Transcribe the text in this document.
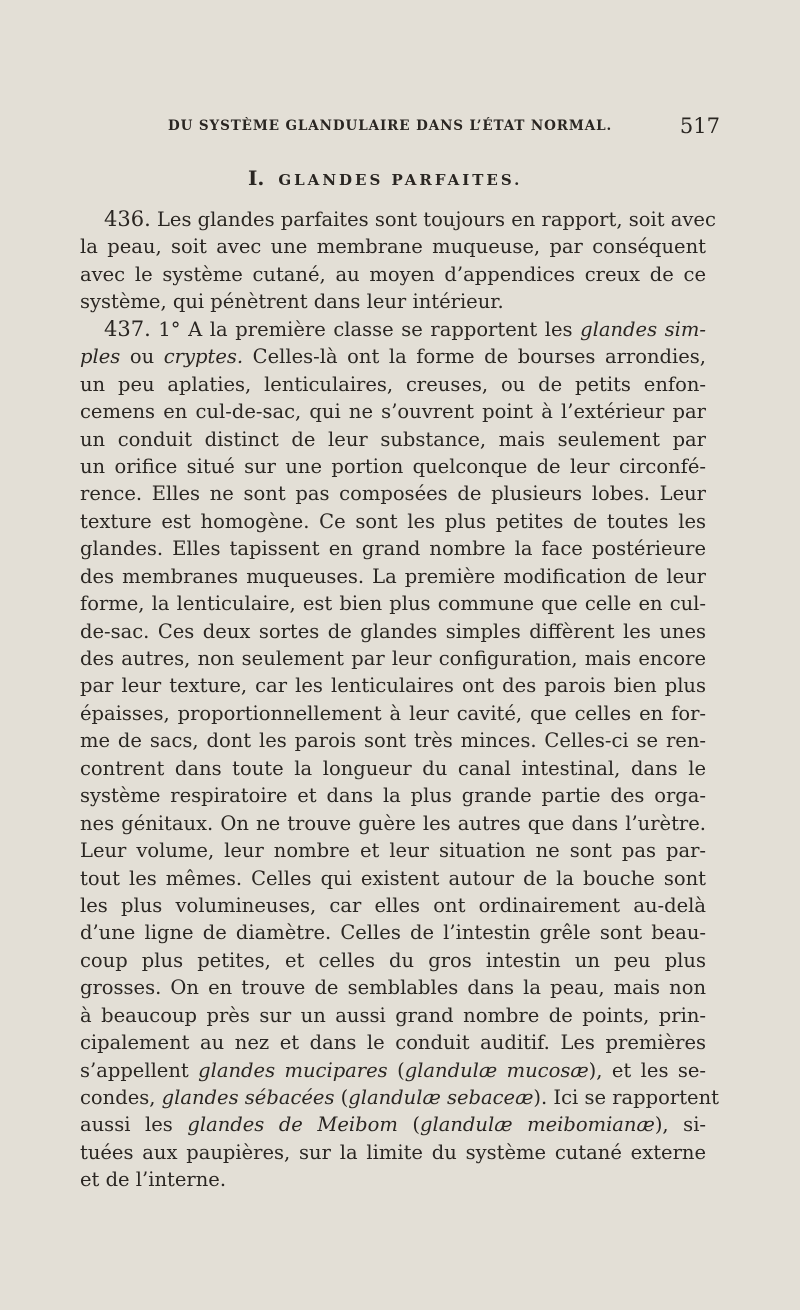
DU SYSTÈME GLANDULAIRE DANS L’ÉTAT NORMAL.	517
I. GLANDES PARFAITES.
436. Les glandes parfaites sont toujours en rapport, soit avec
la peau, soit avec une membrane muqueuse, par conséquent
avec le système cutané, au moyen d’appendices creux de ce
système, qui pénètrent dans leur intérieur.
437. 1° A la première classe se rapportent les glandes sim-
ples ou cryptes. Celles-là ont la forme de bourses arrondies,
un peu aplaties, lenticulaires, creuses, ou de petits enfon-
cemens en cul-de-sac, qui ne s’ouvrent point à l’extérieur par
un conduit distinct de leur substance, mais seulement par
un orifice situé sur une portion quelconque de leur circonfé-
rence. Elles ne sont pas composées de plusieurs lobes. Leur
texture est homogène. Ce sont les plus petites de toutes les
glandes. Elles tapissent en grand nombre la face postérieure
des membranes muqueuses. La première modification de leur
forme, la lenticulaire, est bien plus commune que celle en cul-
de-sac. Ces deux sortes de glandes simples diffèrent les unes
des autres, non seulement par leur configuration, mais encore
par leur texture, car les lenticulaires ont des parois bien plus
épaisses, proportionnellement à leur cavité, que celles en for-
me de sacs, dont les parois sont très minces. Celles-ci se ren-
contrent dans toute la longueur du canal intestinal, dans le
système respiratoire et dans la plus grande partie des orga-
nes génitaux. On ne trouve guère les autres que dans l’urètre.
Leur volume, leur nombre et leur situation ne sont pas par-
tout les mêmes. Celles qui existent autour de la bouche sont
les plus volumineuses, car elles ont ordinairement au-delà
d’une ligne de diamètre. Celles de l’intestin grêle sont beau-
coup plus petites, et celles du gros intestin un peu plus
grosses. On en trouve de semblables dans la peau, mais non
à beaucoup près sur un aussi grand nombre de points, prin-
cipalement au nez et dans le conduit auditif. Les premières
s’appellent glandes mucipares (glandulæ mucosæ), et les se-
condes, glandes sébacées (glandulæ sebaceæ). Ici se rapportent
aussi les glandes de Meibom (glandulæ meibomianæ), si-
tuées aux paupières, sur la limite du système cutané externe
et de l’interne.
